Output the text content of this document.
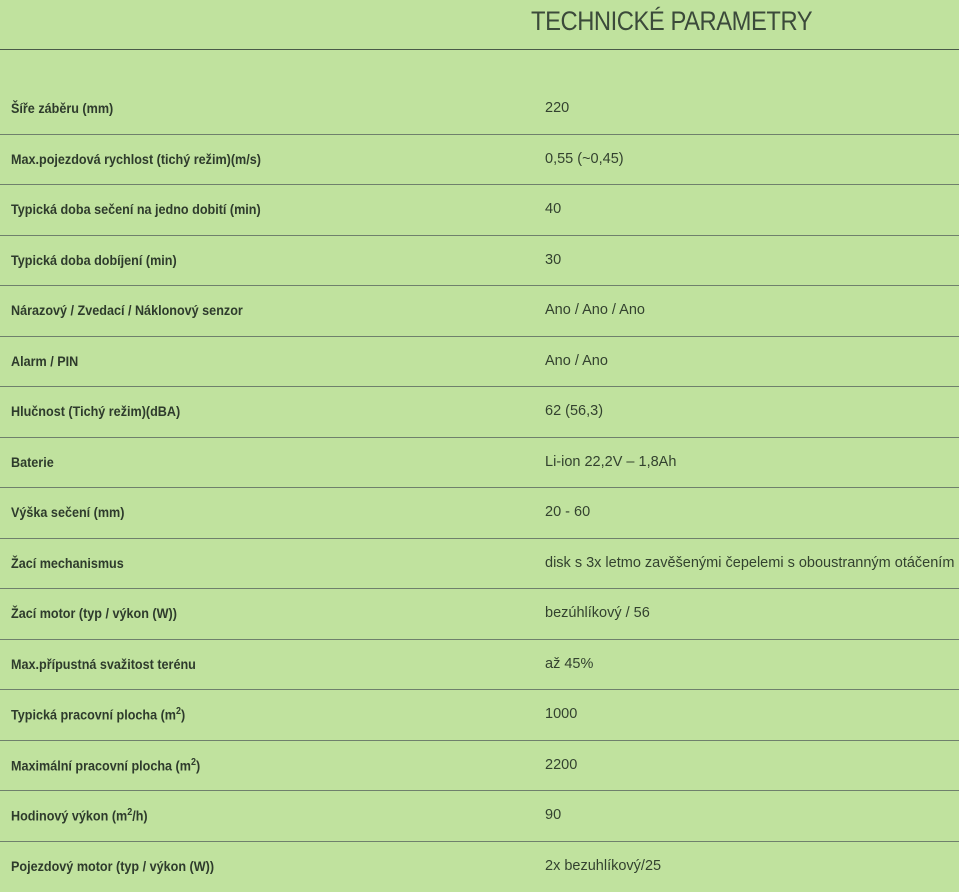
TECHNICKÉ PARAMETRY
Šíře záběru (mm)	220
Max.pojezdová rychlost (tichý režim)(m/s)	0,55 (~0,45)
Typická doba sečení na jedno dobití (min)	40
Typická doba dobíjení (min)	30
Nárazový / Zvedací / Náklonový senzor	Ano / Ano / Ano
Alarm / PIN	Ano / Ano
Hlučnost (Tichý režim)(dBA)	62 (56,3)
Baterie	Li-ion 22,2V – 1,8Ah
Výška sečení (mm)	20 - 60
Žací mechanismus	disk s 3x letmo zavěšenými čepelemi s oboustranným otáčením
Žací motor (typ / výkon (W))	bezúhlíkový / 56
Max.přípustná svažitost terénu	až 45%
Typická pracovní plocha $(m^2)$	1000
Maximální pracovní plocha $(m^2)$	2200
Hodinový výkon $(m^2/h)$	90
Pojezdový motor (typ / výkon (W))	2x bezuhlíkový/25
